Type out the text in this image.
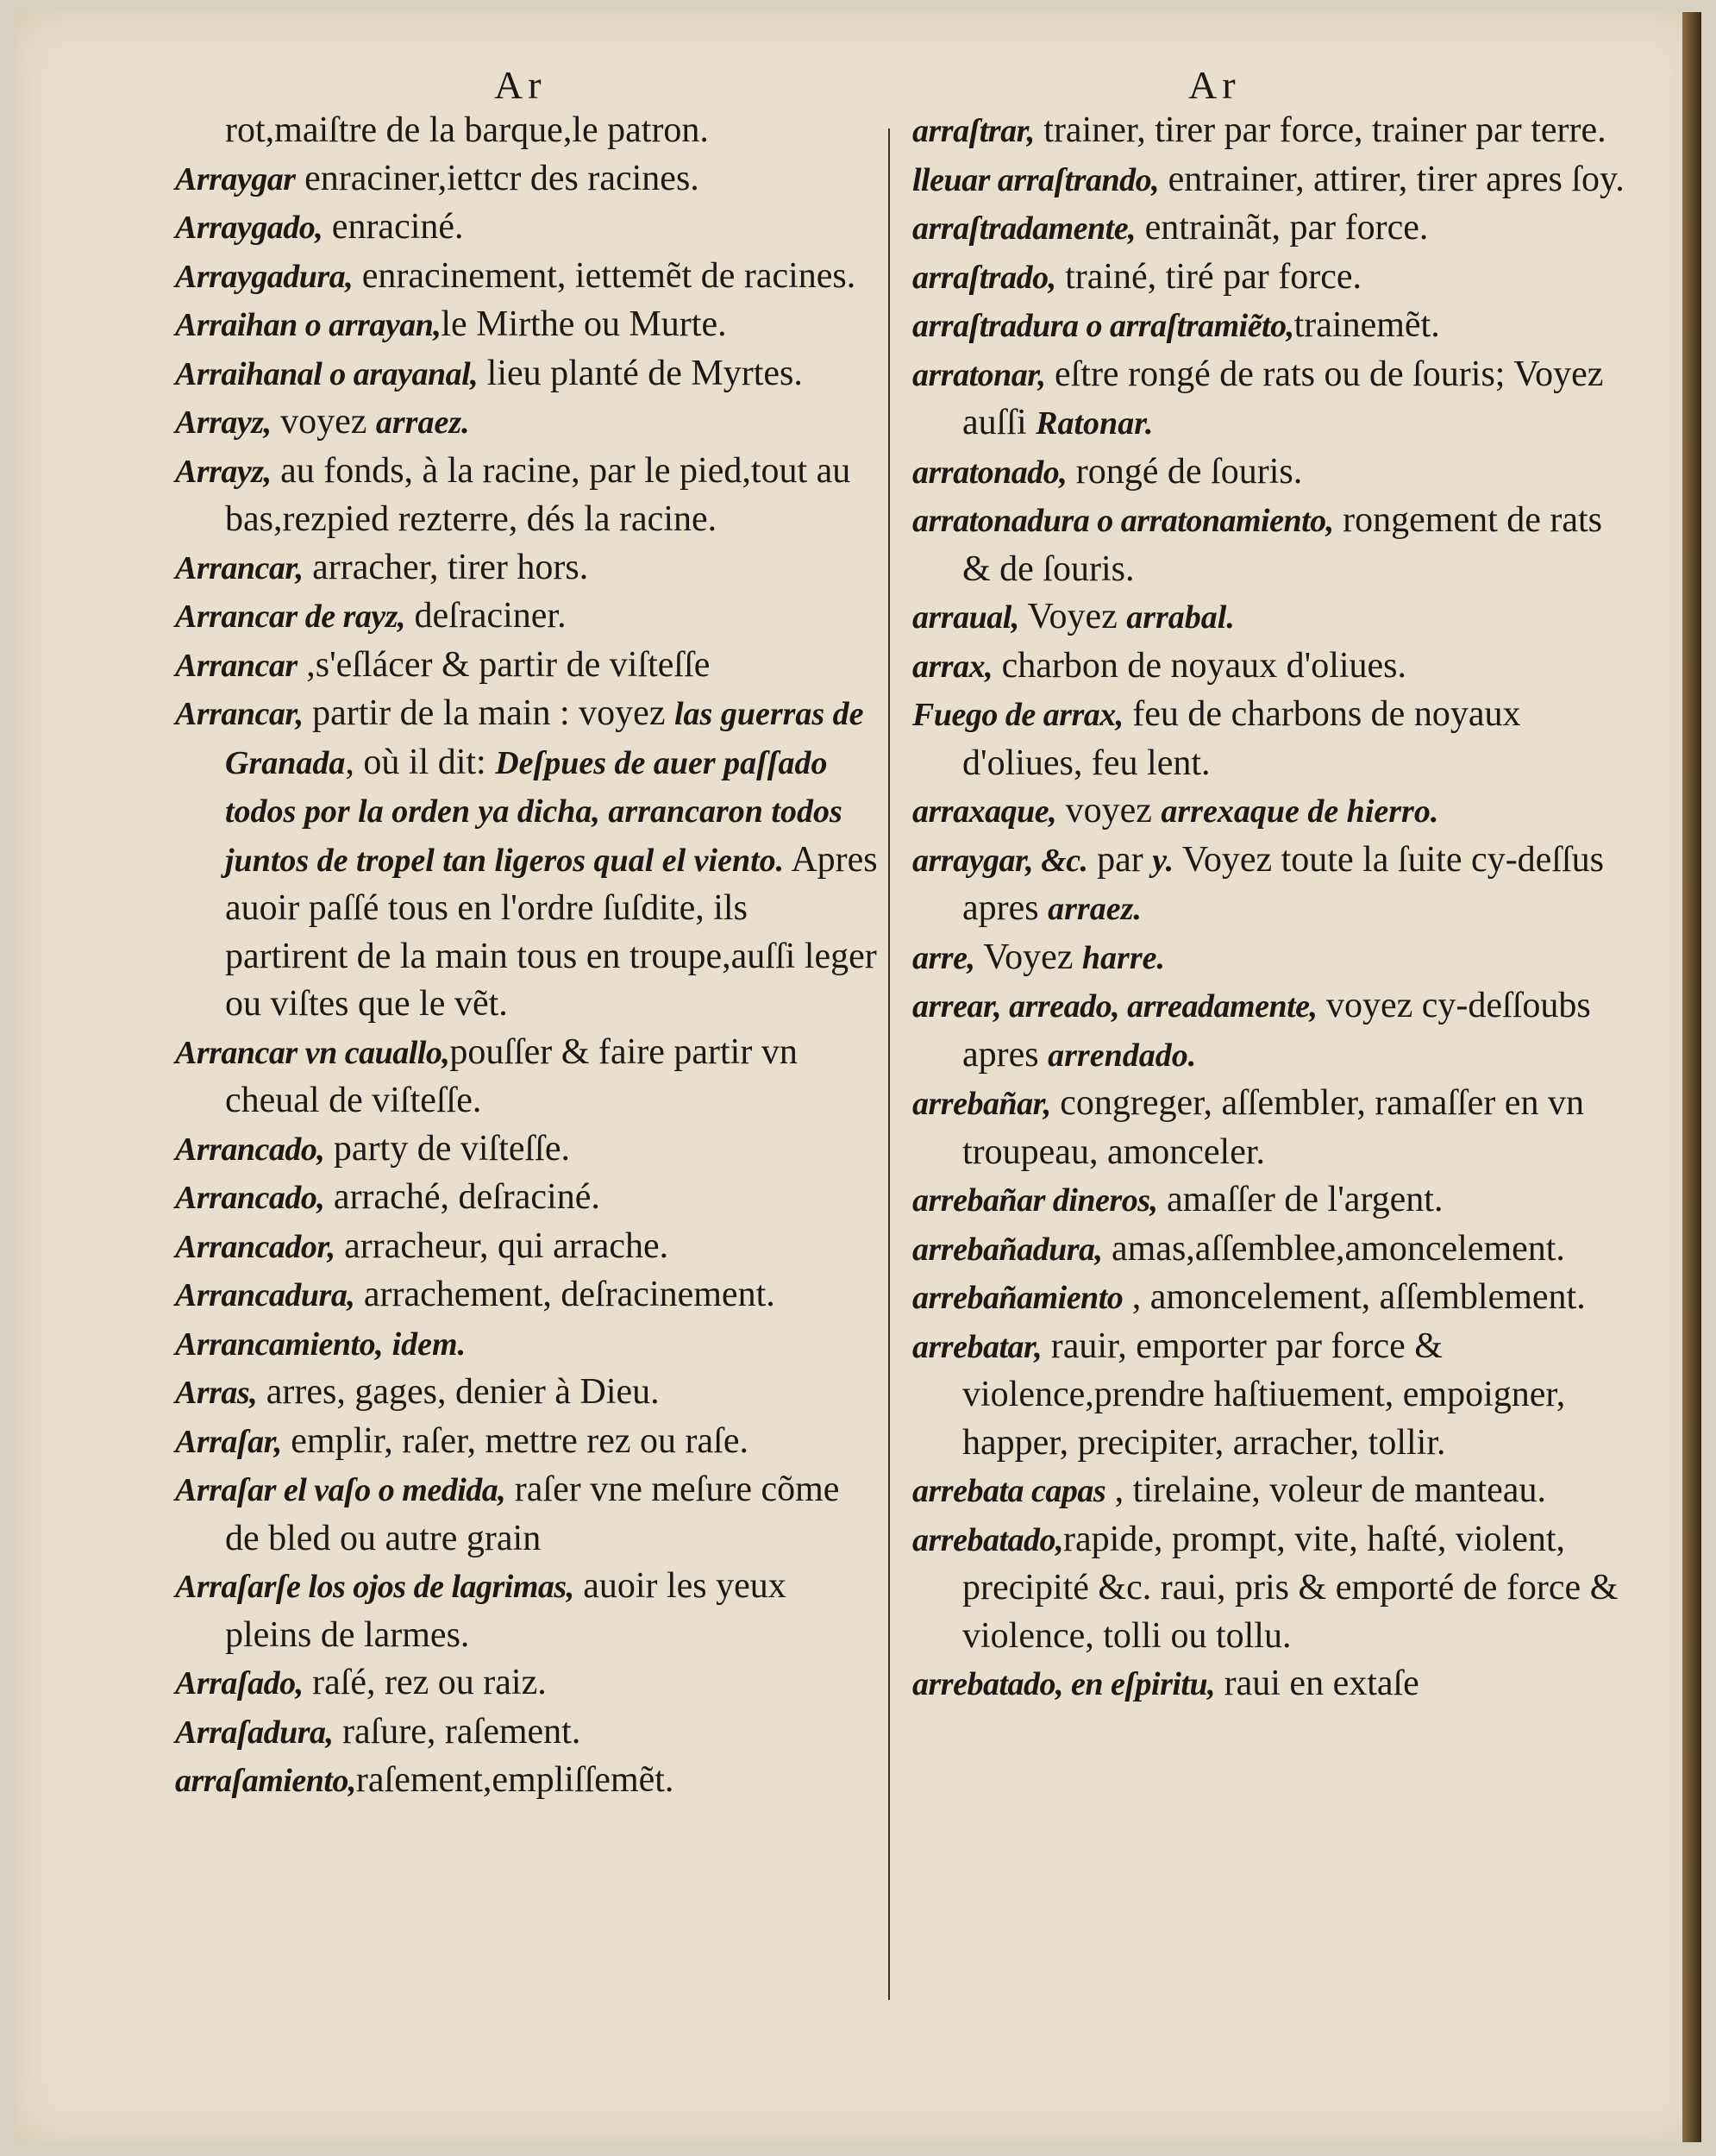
Ar	Ar

rot,maiſtre de la barque,le patron.

Arraygar enraciner,iettcr des racines.

Arraygado, enraciné.

Arraygadura, enracinement, iettemẽt de racines.

Arraihan o arrayan,le Mirthe ou Murte.

Arraihanal o arayanal, lieu planté de Myrtes.

Arrayz, voyez arraez.

Arrayz, au fonds, à la racine, par le pied,tout au bas,rezpied rezterre, dés la racine.

Arrancar, arracher, tirer hors.

Arrancar de rayz, deſraciner.

Arrancar ,s'eſlácer & partir de viſteſſe

Arrancar, partir de la main : voyez las guerras de Granada, où il dit: Deſpues de auer paſſado todos por la orden ya dicha, arrancaron todos juntos de tropel tan ligeros qual el viento. Apres auoir paſſé tous en l'ordre ſuſdite, ils partirent de la main tous en troupe,auſſi leger ou viſtes que le vẽt.

Arrancar vn cauallo,pouſſer & faire partir vn cheual de viſteſſe.

Arrancado, party de viſteſſe.

Arrancado, arraché, deſraciné.

Arrancador, arracheur, qui arrache.

Arrancadura, arrachement, deſracinement.

Arrancamiento, idem.

Arras, arres, gages, denier à Dieu.

Arraſar, emplir, raſer, mettre rez ou raſe.

Arraſar el vaſo o medida, raſer vne meſure cõme de bled ou autre grain

Arraſarſe los ojos de lagrimas, auoir les yeux pleins de larmes.

Arraſado, raſé, rez ou raiz.

Arraſadura, raſure, raſement.

arraſamiento,raſement,empliſſemẽt.

arraſtrar, trainer, tirer par force, trainer par terre.

lleuar arraſtrando, entrainer, attirer, tirer apres ſoy.

arraſtradamente, entrainãt, par force.

arraſtrado, trainé, tiré par force.

arraſtradura o arraſtramiẽto,trainemẽt.

arratonar, eſtre rongé de rats ou de ſouris; Voyez auſſi Ratonar.

arratonado, rongé de ſouris.

arratonadura o arratonamiento, rongement de rats & de ſouris.

arraual, Voyez arrabal.

arrax, charbon de noyaux d'oliues.

Fuego de arrax, feu de charbons de noyaux d'oliues, feu lent.

arraxaque, voyez arrexaque de hierro.

arraygar, &c. par y. Voyez toute la ſuite cy-deſſus apres arraez.

arre, Voyez harre.

arrear, arreado, arreadamente, voyez cy-deſſoubs apres arrendado.

arrebañar, congreger, aſſembler, ramaſſer en vn troupeau, amonceler.

arrebañar dineros, amaſſer de l'argent.

arrebañadura, amas,aſſemblee,amoncelement.

arrebañamiento , amoncelement, aſſemblement.

arrebatar, rauir, emporter par force & violence,prendre haſtiuement, empoigner, happer, precipiter, arracher, tollir.

arrebata capas , tirelaine, voleur de manteau.

arrebatado,rapide, prompt, vite, haſté, violent, precipité &c. raui, pris & emporté de force & violence, tolli ou tollu.

arrebatado, en eſpiritu, raui en extaſe
